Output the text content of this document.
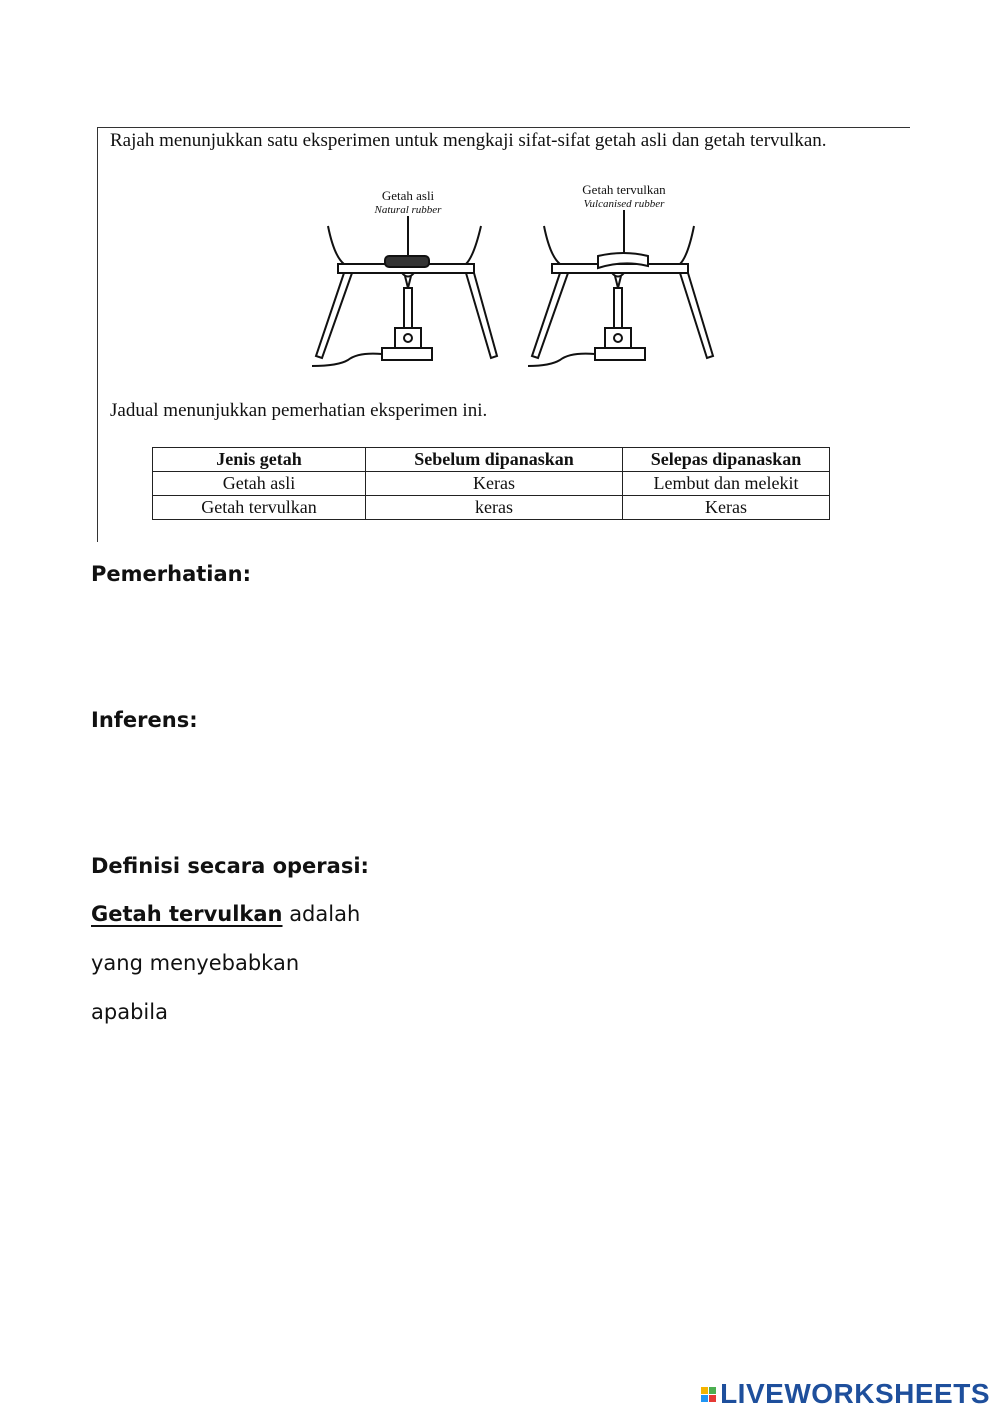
Rajah menunjukkan satu eksperimen untuk mengkaji sifat-sifat getah asli dan getah tervulkan.

Getah asli
Natural rubber
Getah tervulkan
Vulcanised rubber

Jadual menunjukkan pemerhatian eksperimen ini.

Jenis getah	Sebelum dipanaskan	Selepas dipanaskan
Getah asli	Keras	Lembut dan melekit
Getah tervulkan	keras	Keras

Pemerhatian:

Inferens:

Definisi secara operasi:

Getah tervulkan adalah

yang menyebabkan

apabila

LIVEWORKSHEETS
